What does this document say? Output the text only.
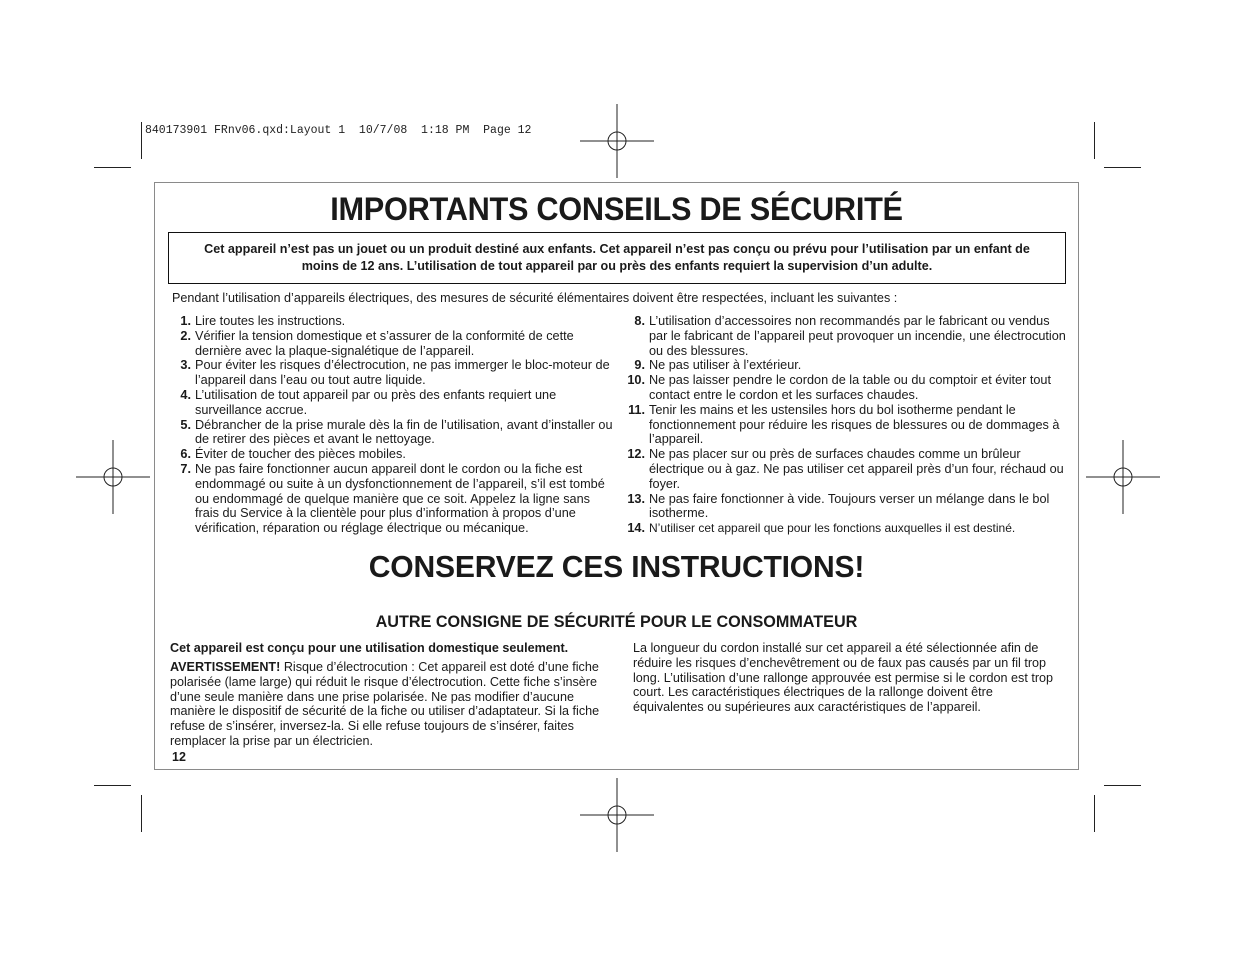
840173901 FRnv06.qxd:Layout 1  10/7/08  1:18 PM  Page 12
IMPORTANTS CONSEILS DE SÉCURITÉ
Cet appareil n’est pas un jouet ou un produit destiné aux enfants. Cet appareil n’est pas conçu ou prévu pour l’utilisation par un enfant de moins de 12 ans. L’utilisation de tout appareil par ou près des enfants requiert la supervision d’un adulte.
Pendant l’utilisation d’appareils électriques, des mesures de sécurité élémentaires doivent être respectées, incluant les suivantes :
1. Lire toutes les instructions.
2. Vérifier la tension domestique et s’assurer de la conformité de cette dernière avec la plaque-signalétique de l’appareil.
3. Pour éviter les risques d’électrocution, ne pas immerger le bloc-moteur de l’appareil dans l’eau ou tout autre liquide.
4. L’utilisation de tout appareil par ou près des enfants requiert une surveillance accrue.
5. Débrancher de la prise murale dès la fin de l’utilisation, avant d’installer ou de retirer des pièces et avant le nettoyage.
6. Éviter de toucher des pièces mobiles.
7. Ne pas faire fonctionner aucun appareil dont le cordon ou la fiche est endommagé ou suite à un dysfonctionnement de l’appareil, s’il est tombé ou endommagé de quelque manière que ce soit. Appelez la ligne sans frais du Service à la clientèle pour plus d’information à propos d’une vérification, réparation ou réglage électrique ou mécanique.
8. L’utilisation d’accessoires non recommandés par le fabricant ou vendus par le fabricant de l’appareil peut provoquer un incendie, une électrocution ou des blessures.
9. Ne pas utiliser à l’extérieur.
10. Ne pas laisser pendre le cordon de la table ou du comptoir et éviter tout contact entre le cordon et les surfaces chaudes.
11. Tenir les mains et les ustensiles hors du bol isotherme pendant le fonctionnement pour réduire les risques de blessures ou de dommages à l’appareil.
12. Ne pas placer sur ou près de surfaces chaudes comme un brûleur électrique ou à gaz. Ne pas utiliser cet appareil près d’un four, réchaud ou foyer.
13. Ne pas faire fonctionner à vide. Toujours verser un mélange dans le bol isotherme.
14. N’utiliser cet appareil que pour les fonctions auxquelles il est destiné.
CONSERVEZ CES INSTRUCTIONS!
AUTRE CONSIGNE DE SÉCURITÉ POUR LE CONSOMMATEUR
Cet appareil est conçu pour une utilisation domestique seulement.
AVERTISSEMENT! Risque d’électrocution : Cet appareil est doté d’une fiche polarisée (lame large) qui réduit le risque d’électrocution. Cette fiche s’insère d’une seule manière dans une prise polarisée. Ne pas modifier d’aucune manière le dispositif de sécurité de la fiche ou utiliser d’adaptateur. Si la fiche refuse de s’insérer, inversez-la. Si elle refuse toujours de s’insérer, faites remplacer la prise par un électricien.
La longueur du cordon installé sur cet appareil a été sélectionnée afin de réduire les risques d’enchevêtrement ou de faux pas causés par un fil trop long. L’utilisation d’une rallonge approuvée est permise si le cordon est trop court. Les caractéristiques électriques de la rallonge doivent être équivalentes ou supérieures aux caractéristiques de l’appareil.
12
